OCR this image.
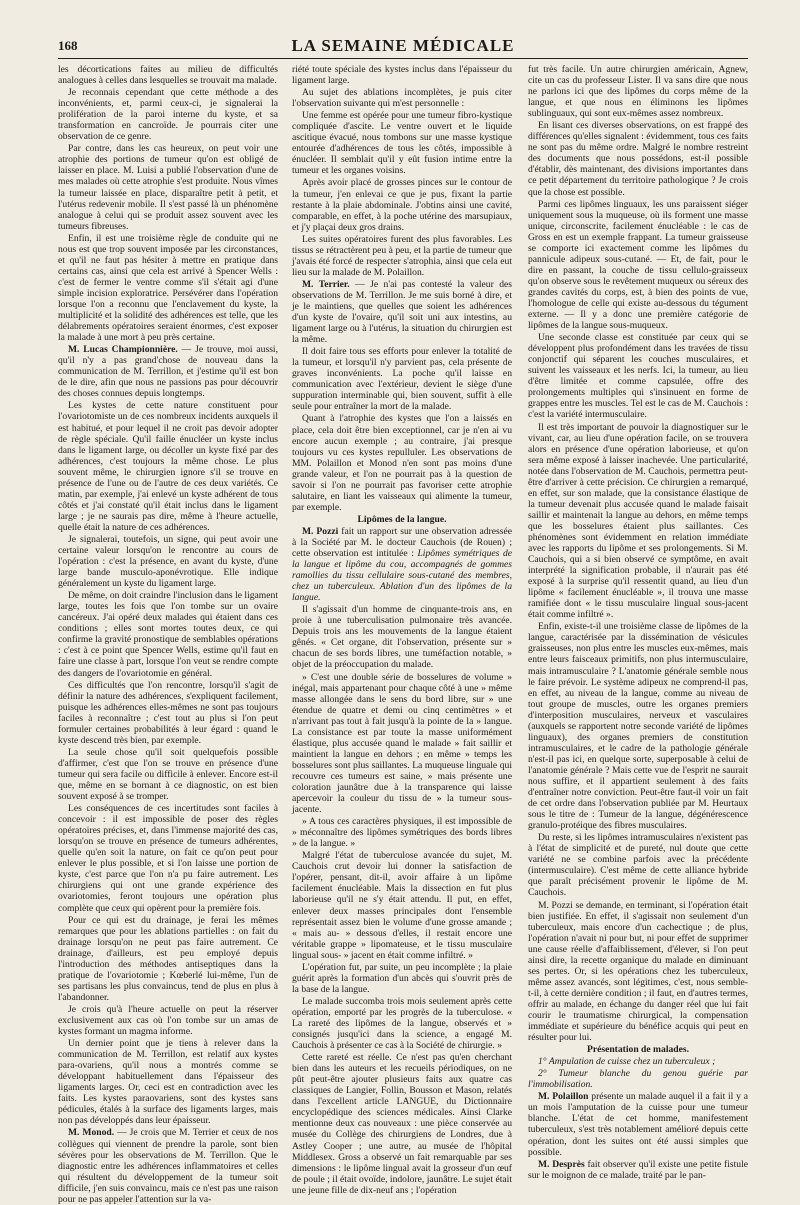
168	LA SEMAINE MÉDICALE

les décortications faites au milieu de difficultés analogues à celles dans lesquelles se trouvait ma malade.

Je reconnais cependant que cette méthode a des inconvénients, et, parmi ceux-ci, je signalerai la prolifération de la paroi interne du kyste, et sa transformation en cancroïde. Je pourrais citer une observation de ce genre.

Par contre, dans les cas heureux, on peut voir une atrophie des portions de tumeur qu'on est obligé de laisser en place. M. Luisi a publié l'observation d'une de mes malades où cette atrophie s'est produite. Nous vîmes la tumeur laissée en place, disparaître petit à petit, et l'utérus redevenir mobile. Il s'est passé là un phénomène analogue à celui qui se produit assez souvent avec les tumeurs fibreuses.

Enfin, il est une troisième règle de conduite qui ne nous est que trop souvent imposée par les circonstances, et qu'il ne faut pas hésiter à mettre en pratique dans certains cas, ainsi que cela est arrivé à Spencer Wells : c'est de fermer le ventre comme s'il s'était agi d'une simple incision exploratrice. Persévérer dans l'opération lorsque l'on a reconnu que l'enclavement du kyste, la multiplicité et la solidité des adhérences est telle, que les délabrements opératoires seraient énormes, c'est exposer la malade à une mort à peu près certaine.

M. Lucas Championnière. — Je trouve, moi aussi, qu'il n'y a pas grand'chose de nouveau dans la communication de M. Terrillon, et j'estime qu'il est bon de le dire, afin que nous ne passions pas pour découvrir des choses connues depuis longtemps.

Les kystes de cette nature constituent pour l'ovariotomiste un de ces nombreux incidents auxquels il est habitué, et pour lequel il ne croit pas devoir adopter de règle spéciale. Qu'il faille énucléer un kyste inclus dans le ligament large, ou décoller un kyste fixé par des adhérences, c'est toujours la même chose. Le plus souvent même, le chirurgien ignore s'il se trouve en présence de l'une ou de l'autre de ces deux variétés. Ce matin, par exemple, j'ai enlevé un kyste adhérent de tous côtés et j'ai constaté qu'il était inclus dans le ligament large ; je ne saurais pas dire, même à l'heure actuelle, quelle était la nature de ces adhérences.

Je signalerai, toutefois, un signe, qui peut avoir une certaine valeur lorsqu'on le rencontre au cours de l'opération : c'est la présence, en avant du kyste, d'une large bande musculo-aponévrotique. Elle indique généralement un kyste du ligament large.

De même, on doit craindre l'inclusion dans le ligament large, toutes les fois que l'on tombe sur un ovaire cancéreux. J'ai opéré deux malades qui étaient dans ces conditions ; elles sont mortes toutes deux, ce qui confirme la gravité pronostique de semblables opérations : c'est à ce point que Spencer Wells, estime qu'il faut en faire une classe à part, lorsque l'on veut se rendre compte des dangers de l'ovariotomie en général.

Ces difficultés que l'on rencontre, lorsqu'il s'agit de définir la nature des adhérences, s'expliquent facilement, puisque les adhérences elles-mêmes ne sont pas toujours faciles à reconnaître ; c'est tout au plus si l'on peut formuler certaines probabilités à leur égard : quand le kyste descend très bien, par exemple.

La seule chose qu'il soit quelquefois possible d'affirmer, c'est que l'on se trouve en présence d'une tumeur qui sera facile ou difficile à enlever. Encore est-il que, même en se bornant à ce diagnostic, on est bien souvent exposé à se tromper.

Les conséquences de ces incertitudes sont faciles à concevoir : il est impossible de poser des règles opératoires précises, et, dans l'immense majorité des cas, lorsqu'on se trouve en présence de tumeurs adhérentes, quelle qu'en soit la nature, on fait ce qu'on peut pour enlever le plus possible, et si l'on laisse une portion de kyste, c'est parce que l'on n'a pu faire autrement. Les chirurgiens qui ont une grande expérience des ovariotomies, feront toujours une opération plus complète que ceux qui opèrent pour la première fois.

Pour ce qui est du drainage, je ferai les mêmes remarques que pour les ablations partielles : on fait du drainage lorsqu'on ne peut pas faire autrement. Ce drainage, d'ailleurs, est peu employé depuis l'introduction des méthodes antiseptiques dans la pratique de l'ovariotomie ; Kœberlé lui-même, l'un de ses partisans les plus convaincus, tend de plus en plus à l'abandonner.

Je crois qu'à l'heure actuelle on peut la réserver exclusivement aux cas où l'on tombe sur un amas de kystes formant un magma informe.

Un dernier point que je tiens à relever dans la communication de M. Terrillon, est relatif aux kystes para-ovariens, qu'il nous a montrés comme se développant habituellement dans l'épaisseur des ligaments larges. Or, ceci est en contradiction avec les faits. Les kystes paraovariens, sont des kystes sans pédicules, étalés à la surface des ligaments larges, mais non pas développés dans leur épaisseur.

M. Monod. — Je crois que M. Terrier et ceux de nos collègues qui viennent de prendre la parole, sont bien sévères pour les observations de M. Terrillon. Que le diagnostic entre les adhérences inflammatoires et celles qui résultent du développement de la tumeur soit difficile, j'en suis convaincu, mais ce n'est pas une raison pour ne pas appeler l'attention sur la va-

riété toute spéciale des kystes inclus dans l'épaisseur du ligament large.

Au sujet des ablations incomplètes, je puis citer l'observation suivante qui m'est personnelle :

Une femme est opérée pour une tumeur fibro-kystique compliquée d'ascite. Le ventre ouvert et le liquide ascitique évacué, nous tombons sur une masse kystique entourée d'adhérences de tous les côtés, impossible à énucléer. Il semblait qu'il y eût fusion intime entre la tumeur et les organes voisins.

Après avoir placé de grosses pinces sur le contour de la tumeur, j'en enlevai ce que je pus, fixant la partie restante à la plaie abdominale. J'obtins ainsi une cavité, comparable, en effet, à la poche utérine des marsupiaux, et j'y plaçai deux gros drains.

Les suites opératoires furent des plus favorables. Les tissus se rétractèrent peu à peu, et la partie de tumeur que j'avais été forcé de respecter s'atrophia, ainsi que cela eut lieu sur la malade de M. Polaillon.

M. Terrier. — Je n'ai pas contesté la valeur des observations de M. Terrillon. Je me suis borné à dire, et je le maintiens, que quelles que soient les adhérences d'un kyste de l'ovaire, qu'il soit uni aux intestins, au ligament large ou à l'utérus, la situation du chirurgien est la même.

Il doit faire tous ses efforts pour enlever la totalité de la tumeur, et lorsqu'il n'y parvient pas, cela présente de graves inconvénients. La poche qu'il laisse en communication avec l'extérieur, devient le siège d'une suppuration interminable qui, bien souvent, suffit à elle seule pour entraîner la mort de la malade.

Quant à l'atrophie des kystes que l'on a laissés en place, cela doit être bien exceptionnel, car je n'en ai vu encore aucun exemple ; au contraire, j'ai presque toujours vu ces kystes repulluler. Les observations de MM. Polaillon et Monod n'en sont pas moins d'une grande valeur, et l'on ne pourrait pas à la question de savoir si l'on ne pourrait pas favoriser cette atrophie salutaire, en liant les vaisseaux qui alimente la tumeur, par exemple.

Lipômes de la langue.

M. Pozzi fait un rapport sur une observation adressée à la Société par M. le docteur Cauchois (de Rouen) ; cette observation est intitulée : Lipômes symétriques de la langue et lipôme du cou, accompagnés de gommes ramollies du tissu cellulaire sous-cutané des membres, chez un tuberculeux. Ablation d'un des lipômes de la langue.

Il s'agissait d'un homme de cinquante-trois ans, en proie à une tuberculisation pulmonaire très avancée. Depuis trois ans les mouvements de la langue étaient gênés. « Cet organe, dit l'observation, présente sur » chacun de ses bords libres, une tuméfaction notable, » objet de la préoccupation du malade.

» C'est une double série de bosselures de volume » inégal, mais appartenant pour chaque côté à une » même masse allongée dans le sens du bord libre, sur » une étendue de quatre et demi ou cinq centimètres » et n'arrivant pas tout à fait jusqu'à la pointe de la » langue. La consistance est par toute la masse uniformément élastique, plus accusée quand le malade » fait saillir et maintient la langue en dehors ; en même » temps les bosselures sont plus saillantes. La muqueuse linguale qui recouvre ces tumeurs est saine, » mais présente une coloration jaunâtre due à la transparence qui laisse apercevoir la couleur du tissu de » la tumeur sous-jacente.

» A tous ces caractères physiques, il est impossible de » méconnaître des lipômes symétriques des bords libres » de la langue. »

Malgré l'état de tuberculose avancée du sujet, M. Cauchois crut devoir lui donner la satisfaction de l'opérer, pensant, dit-il, avoir affaire à un lipôme facilement énucléable. Mais la dissection en fut plus laborieuse qu'il ne s'y était attendu. Il put, en effet, enlever deux masses principales dont l'ensemble représentait assez bien le volume d'une grosse amande ; « mais au- » dessous d'elles, il restait encore une véritable grappe » lipomateuse, et le tissu musculaire lingual sous- » jacent en était comme infiltré. »

L'opération fut, par suite, un peu incomplète ; la plaie guérit après la formation d'un abcès qui s'ouvrit près de la base de la langue.

Le malade succomba trois mois seulement après cette opération, emporté par les progrès de la tuberculose. « La rareté des lipômes de la langue, observés et » consignés jusqu'ici dans la science, a engagé M. Cauchois à présenter ce cas à la Société de chirurgie. »

Cette rareté est réelle. Ce n'est pas qu'en cherchant bien dans les auteurs et les recueils périodiques, on ne pût peut-être ajouter plusieurs faits aux quatre cas classiques de Langier, Follin, Bousson et Mason, relatés dans l'excellent article LANGUE, du Dictionnaire encyclopédique des sciences médicales. Ainsi Clarke mentionne deux cas nouveaux : une pièce conservée au musée du Collège des chirurgiens de Londres, due à Astley Cooper ; une autre, au musée de l'hôpital Middlesex. Gross a observé un fait remarquable par ses dimensions : le lipôme lingual avait la grosseur d'un œuf de poule ; il était ovoïde, indolore, jaunâtre. Le sujet était une jeune fille de dix-neuf ans ; l'opération

fut très facile. Un autre chirurgien américain, Agnew, cite un cas du professeur Lister. Il va sans dire que nous ne parlons ici que des lipômes du corps même de la langue, et que nous en éliminons les lipômes sublinguaux, qui sont eux-mêmes assez nombreux.

En lisant ces diverses observations, on est frappé des différences qu'elles signalent : évidemment, tous ces faits ne sont pas du même ordre. Malgré le nombre restreint des documents que nous possédons, est-il possible d'établir, dès maintenant, des divisions importantes dans ce petit département du territoire pathologique ? Je crois que la chose est possible.

Parmi ces lipômes linguaux, les uns paraissent siéger uniquement sous la muqueuse, où ils forment une masse unique, circonscrite, facilement énucléable : le cas de Gross en est un exemple frappant. La tumeur graisseuse se comporte ici exactement comme les lipômes du pannicule adipeux sous-cutané. — Et, de fait, pour le dire en passant, la couche de tissu cellulo-graisseux qu'on observe sous le revêtement muqueux ou séreux des grandes cavités du corps, est, à bien des points de vue, l'homologue de celle qui existe au-dessous du tégument externe. — Il y a donc une première catégorie de lipômes de la langue sous-muqueux.

Une seconde classe est constituée par ceux qui se développent plus profondément dans les travées de tissu conjonctif qui séparent les couches musculaires, et suivent les vaisseaux et les nerfs. Ici, la tumeur, au lieu d'être limitée et comme capsulée, offre des prolongements multiples qui s'insinuent en forme de grappes entre les muscles. Tel est le cas de M. Cauchois : c'est la variété intermusculaire.

Il est très important de pouvoir la diagnostiquer sur le vivant, car, au lieu d'une opération facile, on se trouvera alors en présence d'une opération laborieuse, et qu'on sera même exposé à laisser inachevée. Une particularité, notée dans l'observation de M. Cauchois, permettra peut-être d'arriver à cette précision. Ce chirurgien a remarqué, en effet, sur son malade, que la consistance élastique de la tumeur devenait plus accusée quand le malade faisait saillir et maintenait la langue au dehors, en même temps que les bosselures étaient plus saillantes. Ces phénomènes sont évidemment en relation immédiate avec les rapports du lipôme et ses prolongements. Si M. Cauchois, qui a si bien observé ce symptôme, en avait interprété la signification probable, il n'aurait pas été exposé à la surprise qu'il ressentit quand, au lieu d'un lipôme « facilement énucléable », il trouva une masse ramifiée dont « le tissu musculaire lingual sous-jacent était comme infiltré ».

Enfin, existe-t-il une troisième classe de lipômes de la langue, caractérisée par la dissémination de vésicules graisseuses, non plus entre les muscles eux-mêmes, mais entre leurs faisceaux primitifs, non plus intermusculaire, mais intramusculaire ? L'anatomie générale semble nous le faire prévoir. Le système adipeux ne comprend-il pas, en effet, au niveau de la langue, comme au niveau de tout groupe de muscles, outre les organes premiers d'interposition musculaires, nerveux et vasculaires (auxquels se rapportent notre seconde variété de lipômes linguaux), des organes premiers de constitution intramusculaires, et le cadre de la pathologie générale n'est-il pas ici, en quelque sorte, superposable à celui de l'anatomie générale ? Mais cette vue de l'esprit ne saurait nous suffire, et il appartient seulement à des faits d'entraîner notre conviction. Peut-être faut-il voir un fait de cet ordre dans l'observation publiée par M. Heurtaux sous le titre de : Tumeur de la langue, dégénérescence granulo-protéique des fibres musculaires.

Du reste, si les lipômes intramusculaires n'existent pas à l'état de simplicité et de pureté, nul doute que cette variété ne se combine parfois avec la précédente (intermusculaire). C'est même de cette alliance hybride que paraît précisément provenir le lipôme de M. Cauchois.

M. Pozzi se demande, en terminant, si l'opération était bien justifiée. En effet, il s'agissait non seulement d'un tuberculeux, mais encore d'un cachectique ; de plus, l'opération n'avait ni pour but, ni pour effet de supprimer une cause réelle d'affaiblissement, d'élever, si l'on peut ainsi dire, la recette organique du malade en diminuant ses pertes. Or, si les opérations chez les tuberculeux, même assez avancés, sont légitimes, c'est, nous semble-t-il, à cette dernière condition ; il faut, en d'autres termes, offrir au malade, en échange du danger réel que lui fait courir le traumatisme chirurgical, la compensation immédiate et supérieure du bénéfice acquis qui peut en résulter pour lui.

Présentation de malades.

1° Ampulation de cuisse chez un tuberculeux ;

2° Tumeur blanche du genou guérie par l'immobilisation.

M. Polaillon présente un malade auquel il a fait il y a un mois l'amputation de la cuisse pour une tumeur blanche. L'état de cet homme, manifestement tuberculeux, s'est très notablement amélioré depuis cette opération, dont les suites ont été aussi simples que possible.

M. Desprès fait observer qu'il existe une petite fistule sur le moignon de ce malade, traité par le pan-
